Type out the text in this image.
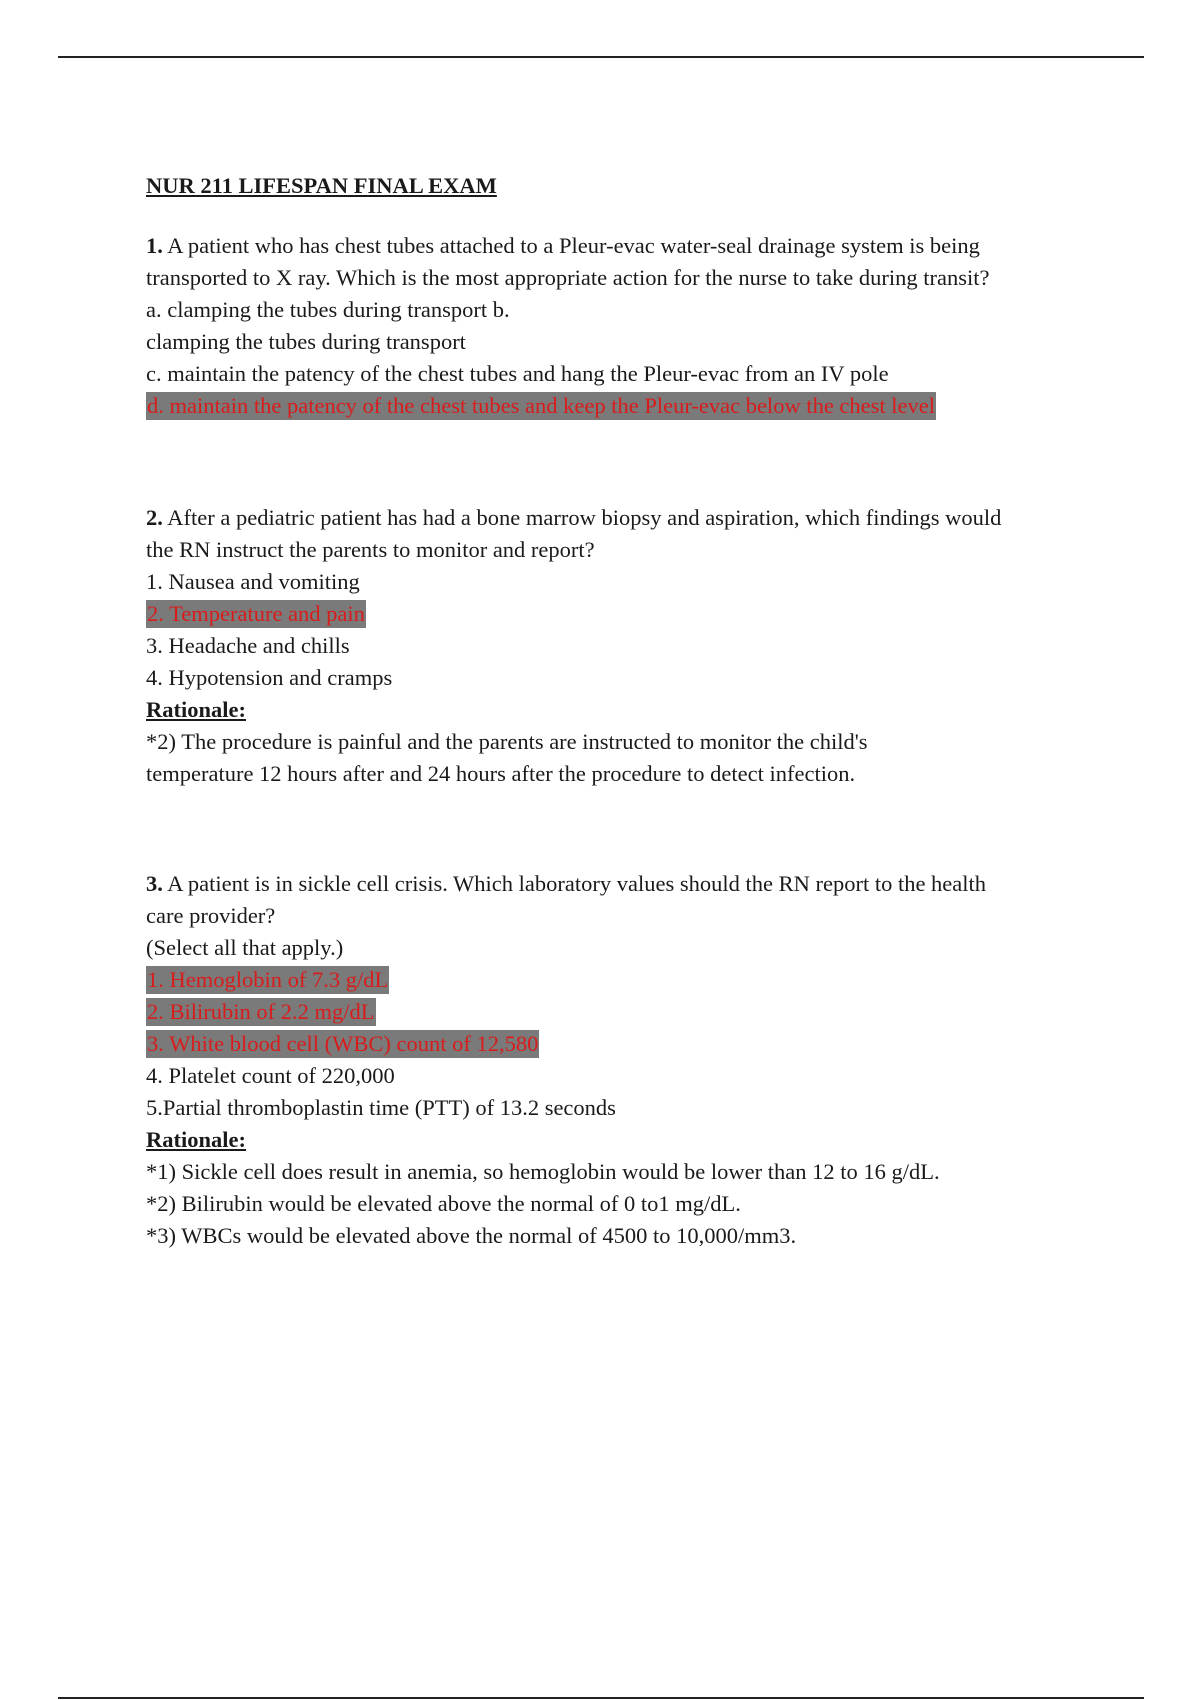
NUR 211 LIFESPAN FINAL EXAM
1. A patient who has chest tubes attached to a Pleur-evac water-seal drainage system is being
transported to X ray. Which is the most appropriate action for the nurse to take during transit?
a. clamping the tubes during transport b.
clamping the tubes during transport
c. maintain the patency of the chest tubes and hang the Pleur-evac from an IV pole
d. maintain the patency of the chest tubes and keep the Pleur-evac below the chest level
2. After a pediatric patient has had a bone marrow biopsy and aspiration, which findings would
the RN instruct the parents to monitor and report?
1. Nausea and vomiting
2. Temperature and pain
3. Headache and chills
4. Hypotension and cramps
Rationale:
*2) The procedure is painful and the parents are instructed to monitor the child's
temperature 12 hours after and 24 hours after the procedure to detect infection.
3. A patient is in sickle cell crisis. Which laboratory values should the RN report to the health
care provider?
(Select all that apply.)
1. Hemoglobin of 7.3 g/dL
2. Bilirubin of 2.2 mg/dL
3. White blood cell (WBC) count of 12,580
4. Platelet count of 220,000
5.Partial thromboplastin time (PTT) of 13.2 seconds
Rationale:
*1) Sickle cell does result in anemia, so hemoglobin would be lower than 12 to 16 g/dL.
*2) Bilirubin would be elevated above the normal of 0 to1 mg/dL.
*3) WBCs would be elevated above the normal of 4500 to 10,000/mm3.
